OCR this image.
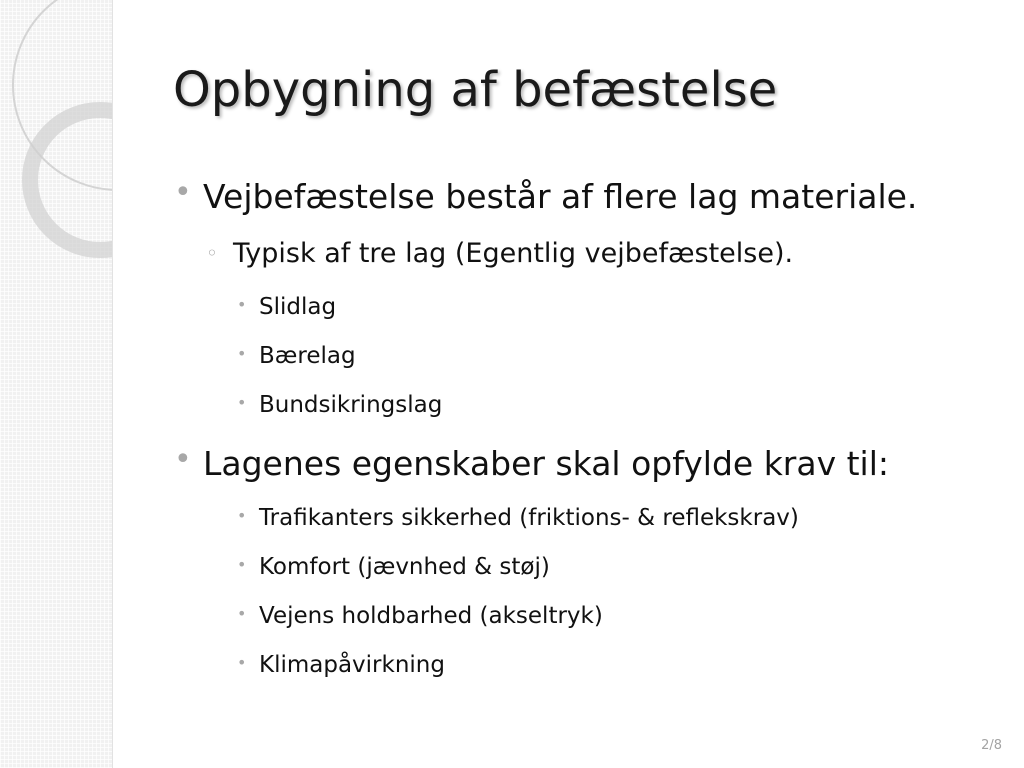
Opbygning af befæstelse
• Vejbefæstelse består af flere lag materiale.
◦ Typisk af tre lag (Egentlig vejbefæstelse).
• Slidlag
• Bærelag
• Bundsikringslag
• Lagenes egenskaber skal opfylde krav til:
• Trafikanters sikkerhed (friktions- & reflekskrav)
• Komfort (jævnhed & støj)
• Vejens holdbarhed (akseltryk)
• Klimapåvirkning
2/8
